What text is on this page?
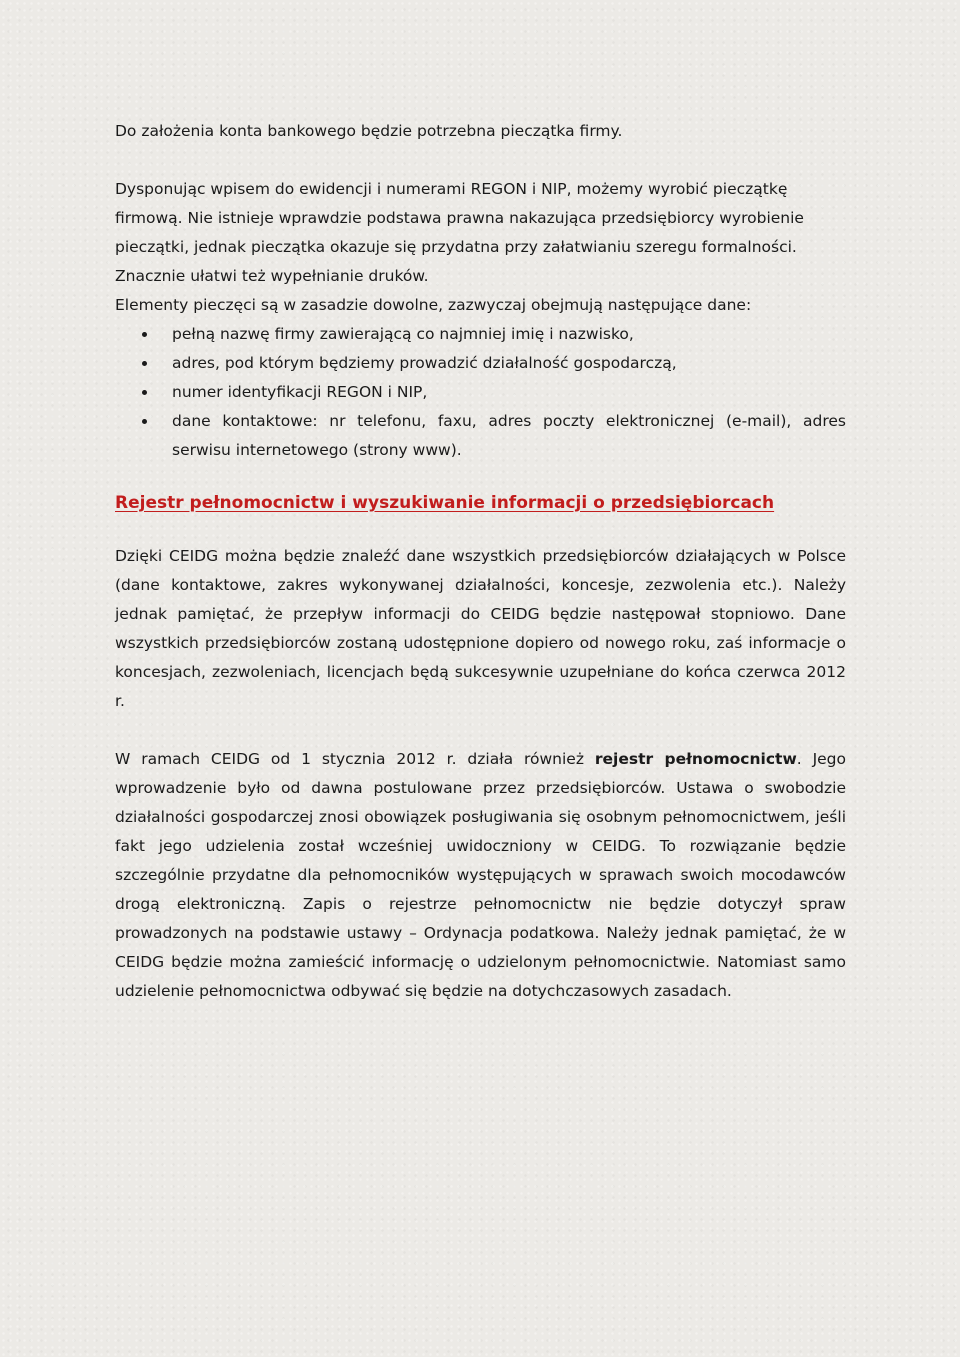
Do założenia konta bankowego będzie potrzebna pieczątka firmy.

Dysponując wpisem do ewidencji i numerami REGON i NIP, możemy wyrobić pieczątkę firmową. Nie istnieje wprawdzie podstawa prawna nakazująca przedsiębiorcy wyrobienie pieczątki, jednak pieczątka okazuje się przydatna przy załatwianiu szeregu formalności. Znacznie ułatwi też wypełnianie druków.

Elementy pieczęci są w zasadzie dowolne, zazwyczaj obejmują następujące dane:

pełną nazwę firmy zawierającą co najmniej imię i nazwisko,
adres, pod którym będziemy prowadzić działalność gospodarczą,
numer identyfikacji REGON i NIP,
dane kontaktowe: nr telefonu, faxu, adres poczty elektronicznej (e-mail), adres serwisu internetowego (strony www).
Rejestr pełnomocnictw i wyszukiwanie informacji o przedsiębiorcach

Dzięki CEIDG można będzie znaleźć dane wszystkich przedsiębiorców działających w Polsce (dane kontaktowe, zakres wykonywanej działalności, koncesje, zezwolenia etc.). Należy jednak pamiętać, że przepływ informacji do CEIDG będzie następował stopniowo. Dane wszystkich przedsiębiorców zostaną udostępnione dopiero od nowego roku, zaś informacje o koncesjach, zezwoleniach, licencjach będą sukcesywnie uzupełniane do końca czerwca 2012 r.

W ramach CEIDG od 1 stycznia 2012 r. działa również rejestr pełnomocnictw. Jego wprowadzenie było od dawna postulowane przez przedsiębiorców. Ustawa o swobodzie działalności gospodarczej znosi obowiązek posługiwania się osobnym pełnomocnictwem, jeśli fakt jego udzielenia został wcześniej uwidoczniony w CEIDG. To rozwiązanie będzie szczególnie przydatne dla pełnomocników występujących w sprawach swoich mocodawców drogą elektroniczną. Zapis o rejestrze pełnomocnictw nie będzie dotyczył spraw prowadzonych na podstawie ustawy – Ordynacja podatkowa. Należy jednak pamiętać, że w CEIDG będzie można zamieścić informację o udzielonym pełnomocnictwie. Natomiast samo udzielenie pełnomocnictwa odbywać się będzie na dotychczasowych zasadach.
